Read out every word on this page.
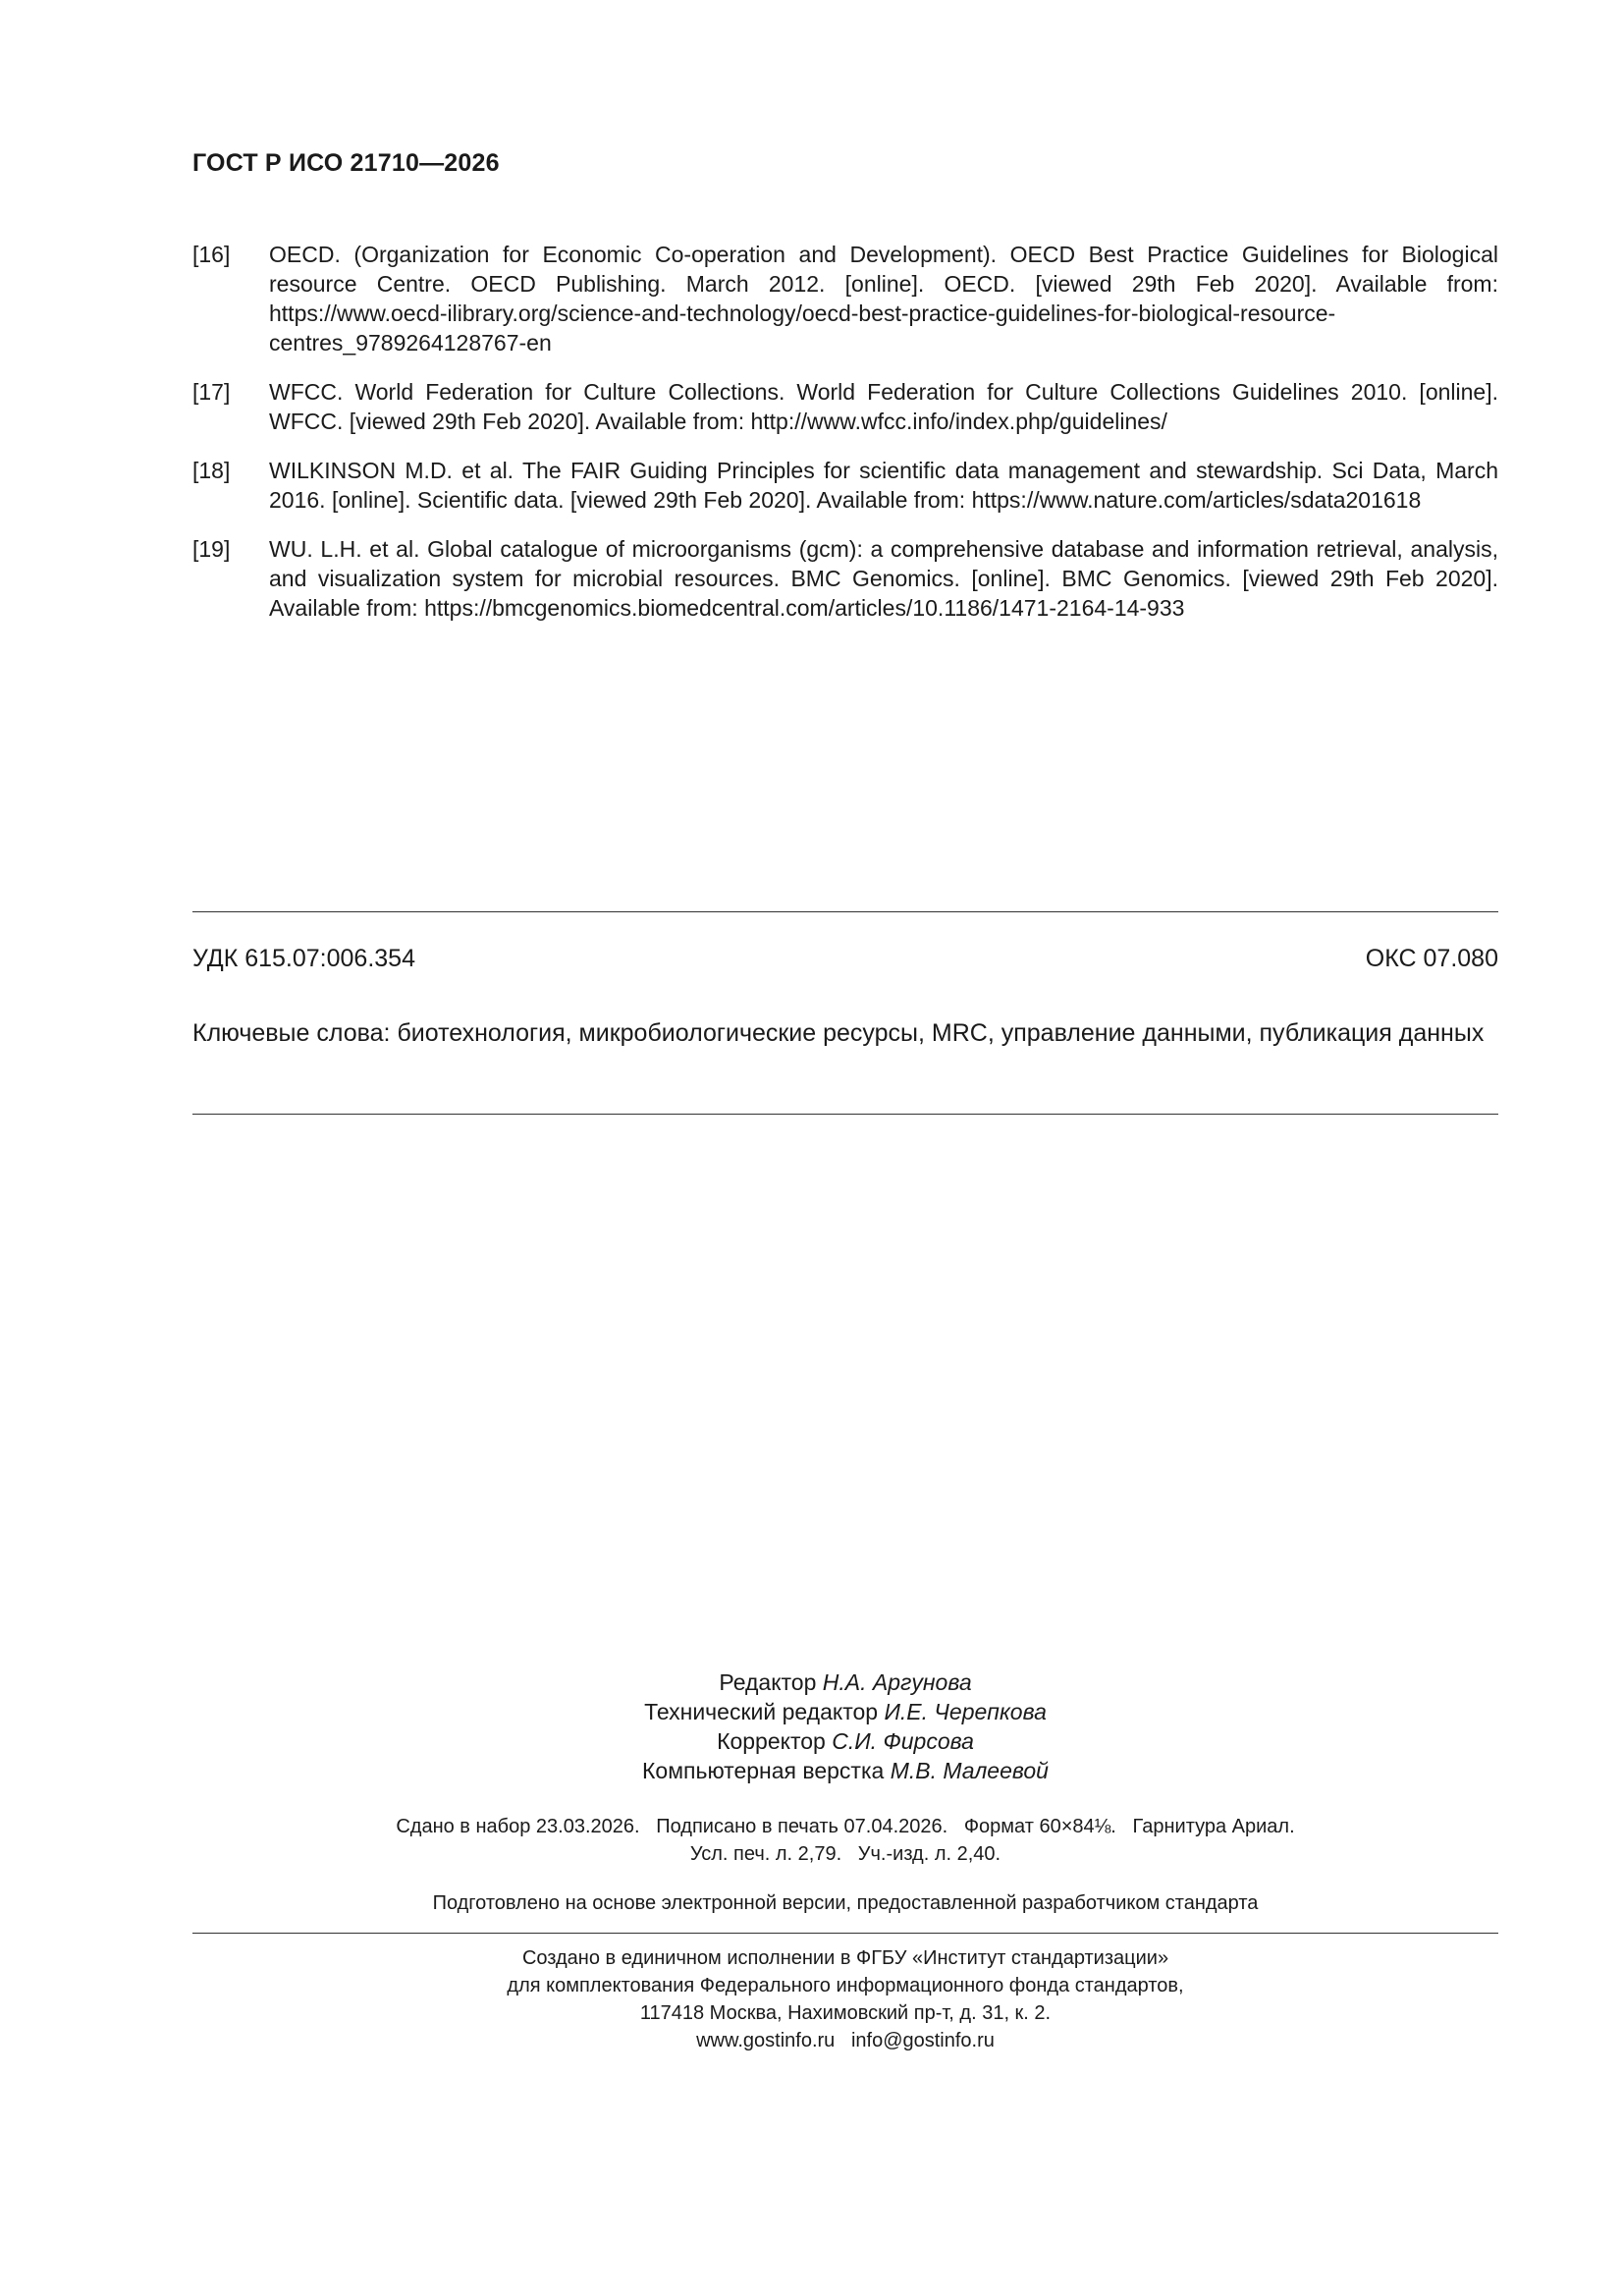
ГОСТ Р ИСО 21710—2026
[16]	OECD. (Organization for Economic Co-operation and Development). OECD Best Practice Guidelines for Biological resource Centre. OECD Publishing. March 2012. [online]. OECD. [viewed 29th Feb 2020]. Available from: https://www.oecd-ilibrary.org/science-and-technology/oecd-best-practice-guidelines-for-biological-resource-centres_9789264128767-en
[17]	WFCC. World Federation for Culture Collections. World Federation for Culture Collections Guidelines 2010. [online]. WFCC. [viewed 29th Feb 2020]. Available from: http://www.wfcc.info/index.php/guidelines/
[18]	WILKINSON M.D. et al. The FAIR Guiding Principles for scientific data management and stewardship. Sci Data, March 2016. [online]. Scientific data. [viewed 29th Feb 2020]. Available from: https://www.nature.com/articles/sdata201618
[19]	WU. L.H. et al. Global catalogue of microorganisms (gcm): a comprehensive database and information retrieval, analysis, and visualization system for microbial resources. BMC Genomics. [online]. BMC Genomics. [viewed 29th Feb 2020]. Available from: https://bmcgenomics.biomedcentral.com/articles/10.1186/1471-2164-14-933
УДК 615.07:006.354	ОКС 07.080
Ключевые слова: биотехнология, микробиологические ресурсы, MRC, управление данными, публикация данных
Редактор Н.А. Аргунова
Технический редактор И.Е. Черепкова
Корректор С.И. Фирсова
Компьютерная верстка М.В. Малеевой
Сдано в набор 23.03.2026.   Подписано в печать 07.04.2026.   Формат 60×84⅛.   Гарнитура Ариал.
Усл. печ. л. 2,79.   Уч.-изд. л. 2,40.
Подготовлено на основе электронной версии, предоставленной разработчиком стандарта
Создано в единичном исполнении в ФГБУ «Институт стандартизации»
для комплектования Федерального информационного фонда стандартов,
117418 Москва, Нахимовский пр-т, д. 31, к. 2.
www.gostinfo.ru   info@gostinfo.ru
